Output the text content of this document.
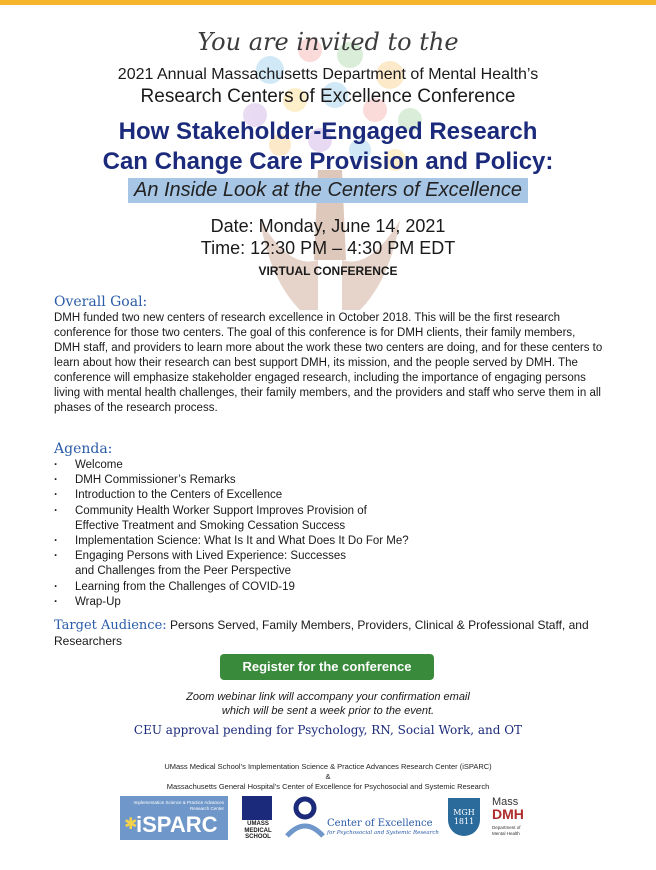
You are invited to the
2021 Annual Massachusetts Department of Mental Health’s
Research Centers of Excellence Conference
How Stakeholder-Engaged Research
Can Change Care Provision and Policy:
An Inside Look at the Centers of Excellence
Date: Monday, June 14, 2021
Time: 12:30 PM – 4:30 PM EDT
VIRTUAL CONFERENCE
Overall Goal:

DMH funded two new centers of research excellence in October 2018. This will be the first research conference for those two centers. The goal of this conference is for DMH clients, their family members, DMH staff, and providers to learn more about the work these two centers are doing, and for these centers to learn about how their research can best support DMH, its mission, and the people served by DMH. The conference will emphasize stakeholder engaged research, including the importance of engaging persons living with mental health challenges, their family members, and the providers and staff who serve them in all phases of the research process.

Agenda:
· Welcome
· DMH Commissioner’s Remarks
· Introduction to the Centers of Excellence
· Community Health Worker Support Improves Provision of
Effective Treatment and Smoking Cessation Success
· Implementation Science: What Is It and What Does It Do For Me?
· Engaging Persons with Lived Experience: Successes
and Challenges from the Peer Perspective
· Learning from the Challenges of COVID-19
· Wrap-Up

Target Audience: Persons Served, Family Members, Providers, Clinical & Professional Staff, and Researchers

Register for the conference
Zoom webinar link will accompany your confirmation email
which will be sent a week prior to the event.
CEU approval pending for Psychology, RN, Social Work, and OT
UMass Medical School’s Implementation Science & Practice Advances Research Center (iSPARC)
&
Massachusetts General Hospital’s Center of Excellence for Psychosocial and Systemic Research
Implementation Science & Practice Advances Research Center
✱
iSPARC	UMASS
MEDICAL
SCHOOL
Center of Excellence
for Psychosocial and Systemic Research
MGH
1811
Mass
DMH
Department of
Mental Health
